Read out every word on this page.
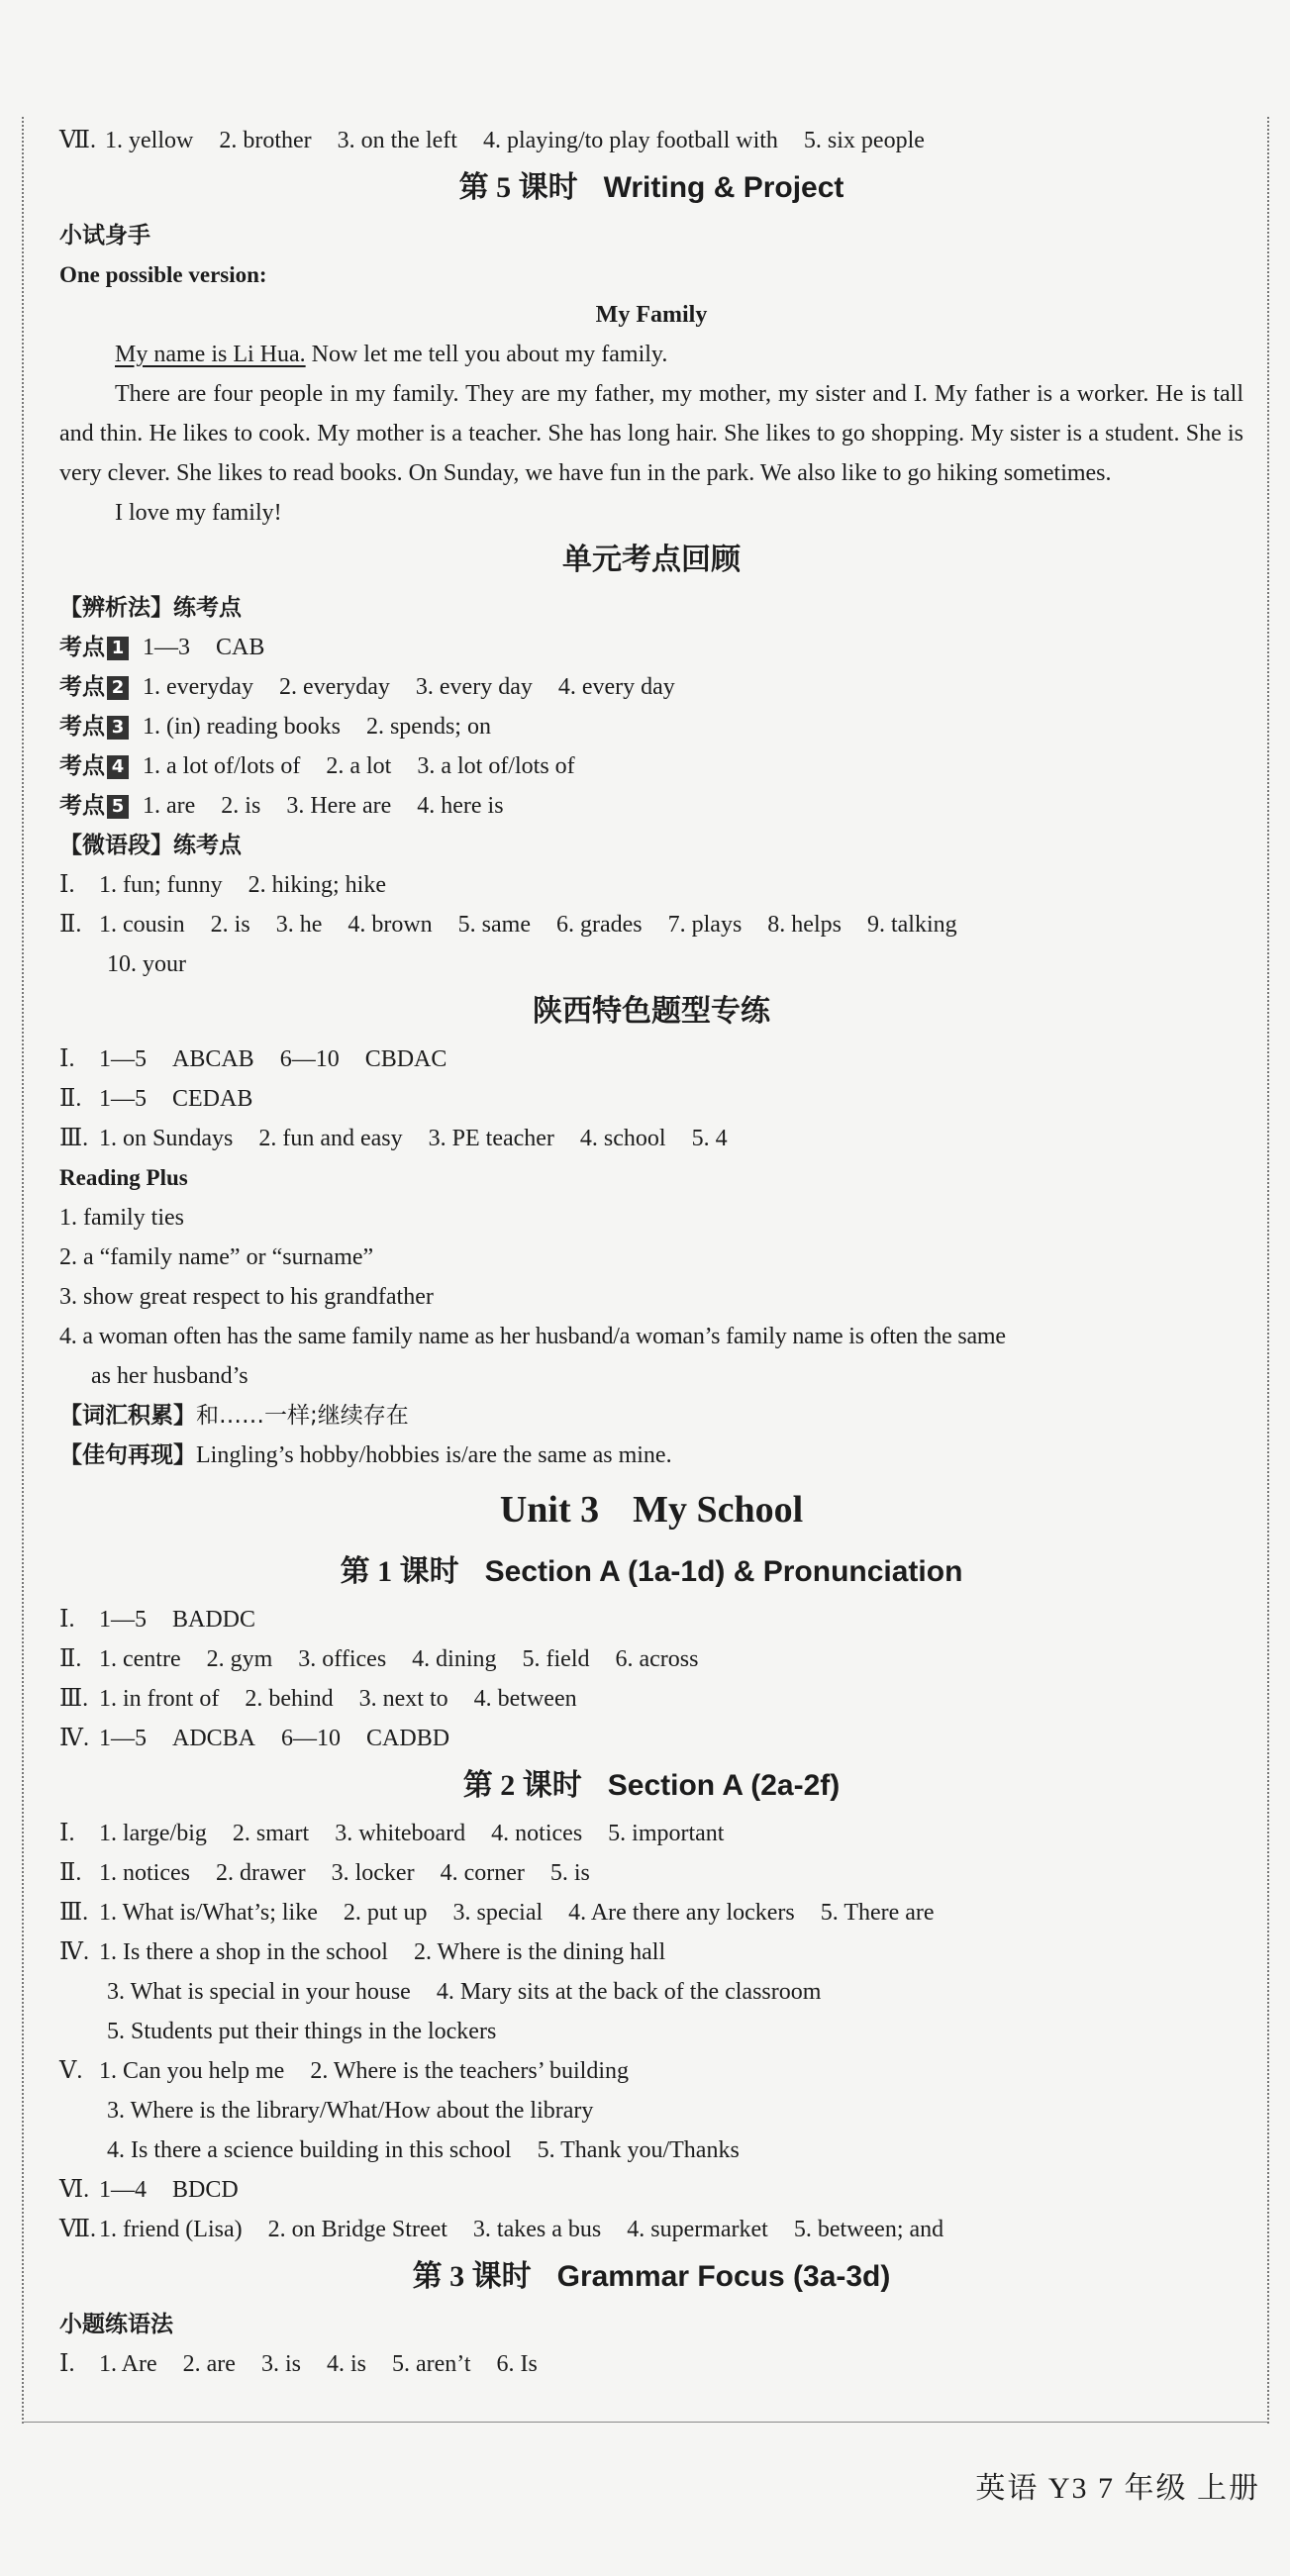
Ⅶ. 1. yellow 2. brother 3. on the left 4. playing/to play football with 5. six people
第 5 课时 Writing & Project
小试身手
One possible version:
My Family
My name is Li Hua. Now let me tell you about my family.
There are four people in my family. They are my father, my mother, my sister and I. My father is a worker. He is tall and thin. He likes to cook. My mother is a teacher. She has long hair. She likes to go shopping. My sister is a student. She is very clever. She likes to read books. On Sunday, we have fun in the park. We also like to go hiking sometimes.
I love my family!
单元考点回顾
【辨析法】练考点
考点 1 1—3 CAB
考点 2 1. everyday 2. everyday 3. every day 4. every day
考点 3 1. (in) reading books 2. spends; on
考点 4 1. a lot of/lots of 2. a lot 3. a lot of/lots of
考点 5 1. are 2. is 3. Here are 4. here is
【微语段】练考点
Ⅰ. 1. fun; funny 2. hiking; hike
Ⅱ. 1. cousin 2. is 3. he 4. brown 5. same 6. grades 7. plays 8. helps 9. talking
10. your
陕西特色题型专练
Ⅰ. 1—5 ABCAB 6—10 CBDAC
Ⅱ. 1—5 CEDAB
Ⅲ. 1. on Sundays 2. fun and easy 3. PE teacher 4. school 5. 4
Reading Plus
1. family ties
2. a “family name” or “surname”
3. show great respect to his grandfather
4. a woman often has the same family name as her husband/a woman’s family name is often the same
as her husband’s
【词汇积累】和……一样;继续存在
【佳句再现】Lingling’s hobby/hobbies is/are the same as mine.
Unit 3 My School
第 1 课时 Section A (1a-1d) & Pronunciation
Ⅰ. 1—5 BADDC
Ⅱ. 1. centre 2. gym 3. offices 4. dining 5. field 6. across
Ⅲ. 1. in front of 2. behind 3. next to 4. between
Ⅳ. 1—5 ADCBA 6—10 CADBD
第 2 课时 Section A (2a-2f)
Ⅰ. 1. large/big 2. smart 3. whiteboard 4. notices 5. important
Ⅱ. 1. notices 2. drawer 3. locker 4. corner 5. is
Ⅲ. 1. What is/What’s; like 2. put up 3. special 4. Are there any lockers 5. There are
Ⅳ. 1. Is there a shop in the school 2. Where is the dining hall
3. What is special in your house 4. Mary sits at the back of the classroom
5. Students put their things in the lockers
Ⅴ. 1. Can you help me 2. Where is the teachers’ building
3. Where is the library/What/How about the library
4. Is there a science building in this school 5. Thank you/Thanks
Ⅵ. 1—4 BDCD
Ⅶ. 1. friend (Lisa) 2. on Bridge Street 3. takes a bus 4. supermarket 5. between; and
第 3 课时 Grammar Focus (3a-3d)
小题练语法
Ⅰ. 1. Are 2. are 3. is 4. is 5. aren’t 6. Is
英语 Y3 7 年级 上册
